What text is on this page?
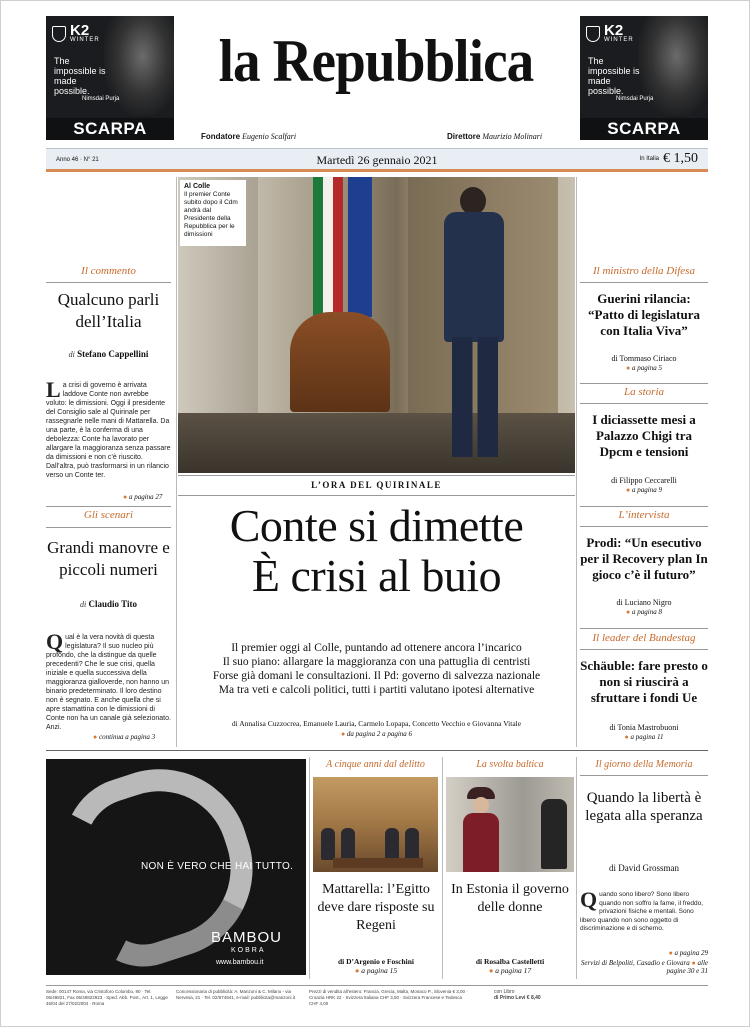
K2
WINTER
The impossible is made possible.
Nimsdai Purja
SCARPA
K2
WINTER
The impossible is made possible.
Nimsdai Purja
SCARPA
la Repubblica
Fondatore Eugenio Scalfari	Direttore Maurizio Molinari
Anno 46 · N° 21	Martedì 26 gennaio 2021	In Italia € 1,50
Il commento
Qualcuno parli dell’Italia
di Stefano Cappellini
La crisi di governo è arrivata laddove Conte non avrebbe voluto: le dimissioni. Oggi il presidente del Consiglio sale al Quirinale per rassegnarle nelle mani di Mattarella. Da una parte, è la conferma di una debolezza: Conte ha lavorato per allargare la maggioranza senza passare da dimissioni e non c’è riuscito. Dall’altra, può trasformarsi in un rilancio verso un Conte ter.
● a pagina 27
Gli scenari
Grandi manovre e piccoli numeri
di Claudio Tito
Qual è la vera novità di questa legislatura? Il suo nucleo più profondo, che la distingue da quelle precedenti? Che le sue crisi, quella iniziale e quella successiva della maggioranza gialloverde, non hanno un binario predeterminato. Il loro destino non è segnato. E anche quella che si apre stamattina con le dimissioni di Conte non ha un canale già selezionato. Anzi.
● continua a pagina 3
Al Colle
Il premier Conte subito dopo il Cdm andrà dal Presidente della Repubblica per le dimissioni
L’ORA DEL QUIRINALE
Conte si dimette
È crisi al buio
Il premier oggi al Colle, puntando ad ottenere ancora l’incarico
Il suo piano: allargare la maggioranza con una pattuglia di centristi
Forse già domani le consultazioni. Il Pd: governo di salvezza nazionale
Ma tra veti e calcoli politici, tutti i partiti valutano ipotesi alternative
di Annalisa Cuzzocrea, Emanuele Lauria, Carmelo Lopapa, Concetto Vecchio e Giovanna Vitale
● da pagina 2 a pagina 6
Il ministro della Difesa
Guerini rilancia: “Patto di legislatura con Italia Viva”
di Tommaso Ciriaco
● a pagina 5
La storia
I diciassette mesi a Palazzo Chigi tra Dpcm e tensioni
di Filippo Ceccarelli
● a pagina 9
L’intervista
Prodi: “Un esecutivo per il Recovery plan In gioco c’è il futuro”
di Luciano Nigro
● a pagina 8
Il leader del Bundestag
Schäuble: fare presto o non si riuscirà a sfruttare i fondi Ue
di Tonia Mastrobuoni
● a pagina 11
NON È VERO CHE HAI TUTTO.
BAMBOU
KOBRA
www.bambou.it
A cinque anni dal delitto
Mattarella: l’Egitto deve dare risposte su Regeni
di D’Argenio e Foschini
● a pagina 15
La svolta baltica
In Estonia il governo delle donne
di Rosalba Castelletti
● a pagina 17
Il giorno della Memoria
Quando la libertà è legata alla speranza
di David Grossman
Quando sono libero? Sono libero quando non soffro la fame, il freddo, privazioni fisiche e mentali. Sono libero quando non sono oggetto di discriminazione e di scherno.
● a pagina 29
Servizi di Belpoliti, Casadio e Giovara ● alle pagine 30 e 31
Sede: 00147 Roma, via Cristoforo Colombo, 90 · Tel. 06/49821, Fax 06/49822923 · Sped. Abb. Post., Art. 1, Legge 46/04 del 27/02/2004 · Roma
Concessionaria di pubblicità: A. Manzoni & C. Milano - via Nervesa, 21 · Tel. 02/574941, e-mail: pubblicita@manzoni.it
Prezzi di vendita all’estero: Francia, Grecia, Malta, Monaco P., Slovenia € 3,00 · Croazia HRK 22 · Svizzera Italiana CHF 3,50 · Svizzera Francese e Tedesca CHF 4,00
con Libro
di Primo Levi € 8,40
